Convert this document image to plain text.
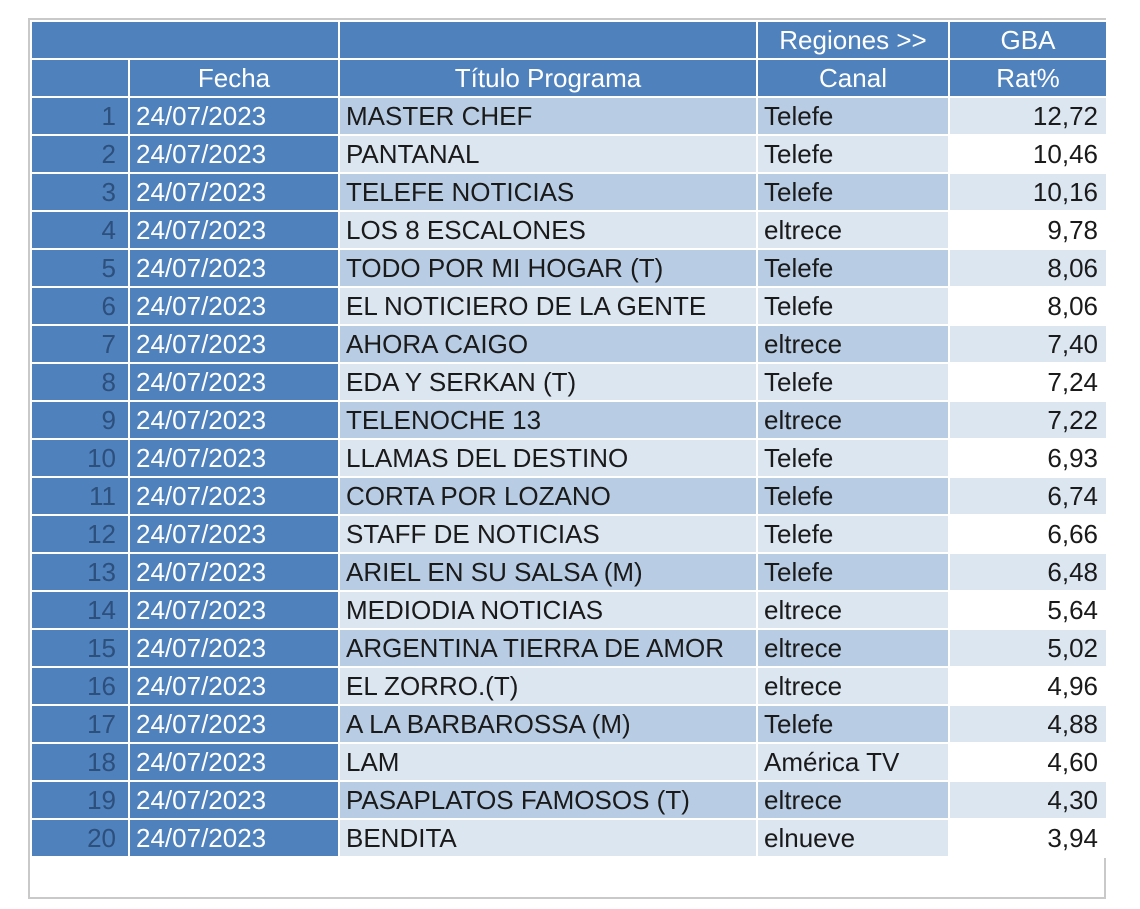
			Regiones >>	GBA
	Fecha	Título Programa	Canal	Rat%
1	24/07/2023	MASTER CHEF	Telefe	12,72
2	24/07/2023	PANTANAL	Telefe	10,46
3	24/07/2023	TELEFE NOTICIAS	Telefe	10,16
4	24/07/2023	LOS 8 ESCALONES	eltrece	9,78
5	24/07/2023	TODO POR MI HOGAR (T)	Telefe	8,06
6	24/07/2023	EL NOTICIERO DE LA GENTE	Telefe	8,06
7	24/07/2023	AHORA CAIGO	eltrece	7,40
8	24/07/2023	EDA Y SERKAN (T)	Telefe	7,24
9	24/07/2023	TELENOCHE 13	eltrece	7,22
10	24/07/2023	LLAMAS DEL DESTINO	Telefe	6,93
11	24/07/2023	CORTA POR LOZANO	Telefe	6,74
12	24/07/2023	STAFF DE NOTICIAS	Telefe	6,66
13	24/07/2023	ARIEL EN SU SALSA (M)	Telefe	6,48
14	24/07/2023	MEDIODIA NOTICIAS	eltrece	5,64
15	24/07/2023	ARGENTINA TIERRA DE AMOR	eltrece	5,02
16	24/07/2023	EL ZORRO.(T)	eltrece	4,96
17	24/07/2023	A LA BARBAROSSA (M)	Telefe	4,88
18	24/07/2023	LAM	América TV	4,60
19	24/07/2023	PASAPLATOS FAMOSOS (T)	eltrece	4,30
20	24/07/2023	BENDITA	elnueve	3,94
